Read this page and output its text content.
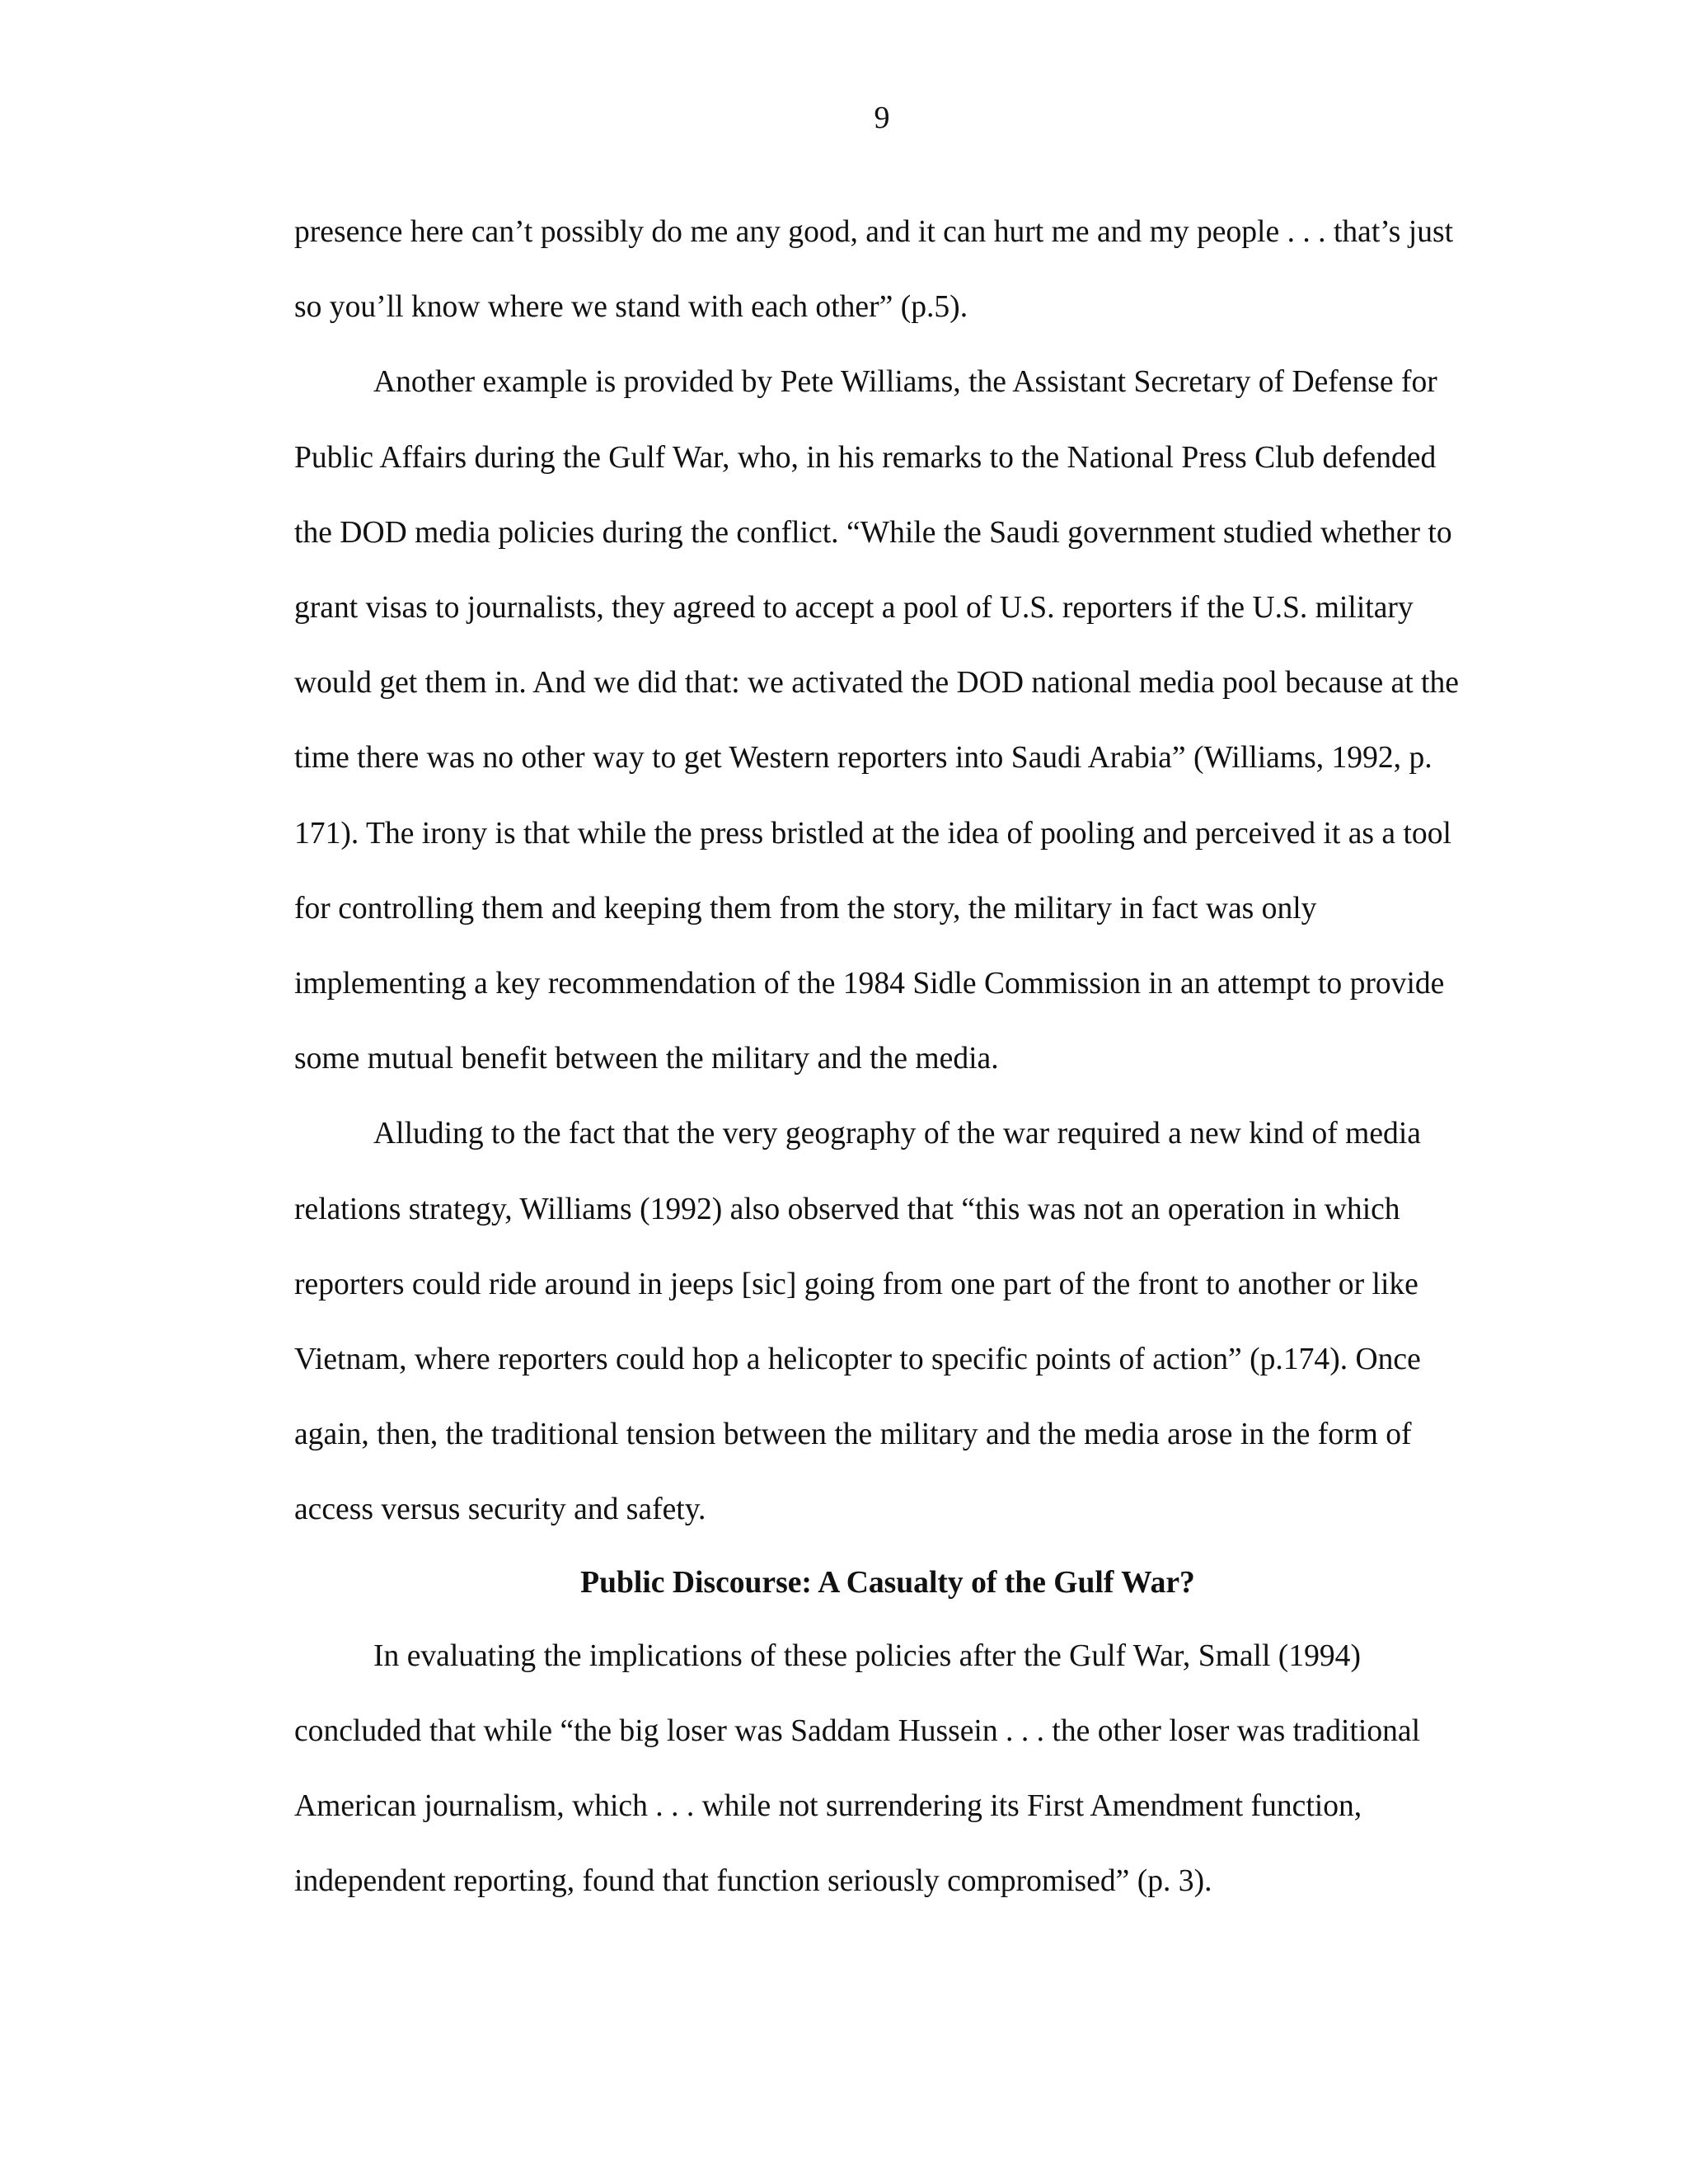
9

presence here can’t possibly do me any good, and it can hurt me and my people . . . that’s just so you’ll know where we stand with each other” (p.5).

Another example is provided by Pete Williams, the Assistant Secretary of Defense for Public Affairs during the Gulf War, who, in his remarks to the National Press Club defended the DOD media policies during the conflict. “While the Saudi government studied whether to grant visas to journalists, they agreed to accept a pool of U.S. reporters if the U.S. military would get them in. And we did that: we activated the DOD national media pool because at the time there was no other way to get Western reporters into Saudi Arabia” (Williams, 1992, p. 171). The irony is that while the press bristled at the idea of pooling and perceived it as a tool for controlling them and keeping them from the story, the military in fact was only implementing a key recommendation of the 1984 Sidle Commission in an attempt to provide some mutual benefit between the military and the media.

Alluding to the fact that the very geography of the war required a new kind of media relations strategy, Williams (1992) also observed that “this was not an operation in which reporters could ride around in jeeps [sic] going from one part of the front to another or like Vietnam, where reporters could hop a helicopter to specific points of action” (p.174). Once again, then, the traditional tension between the military and the media arose in the form of access versus security and safety.

Public Discourse: A Casualty of the Gulf War?

In evaluating the implications of these policies after the Gulf War, Small (1994) concluded that while “the big loser was Saddam Hussein . . . the other loser was traditional American journalism, which . . . while not surrendering its First Amendment function, independent reporting, found that function seriously compromised” (p. 3).
